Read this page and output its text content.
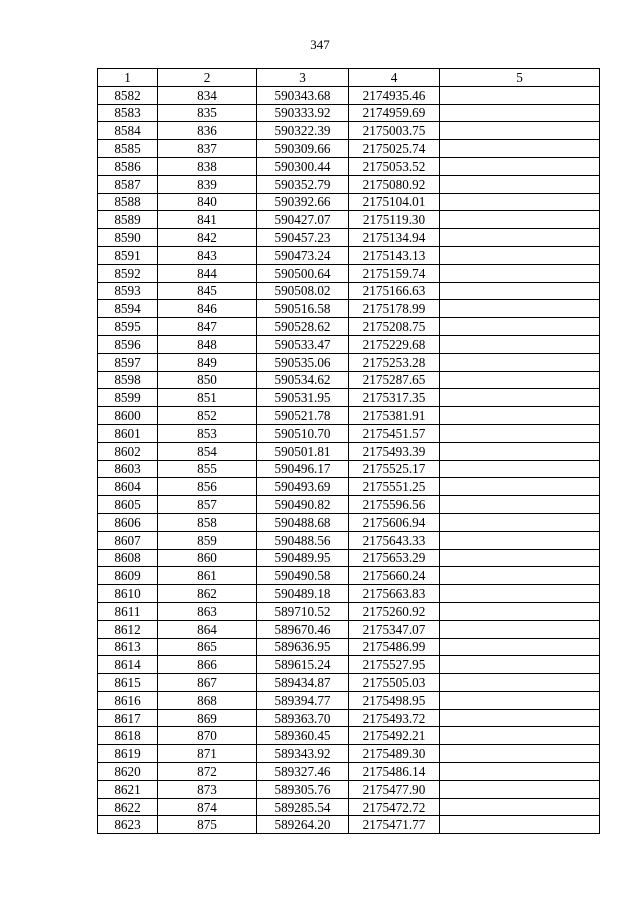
347
1	2	3	4	5
8582	834	590343.68	2174935.46	
8583	835	590333.92	2174959.69	
8584	836	590322.39	2175003.75	
8585	837	590309.66	2175025.74	
8586	838	590300.44	2175053.52	
8587	839	590352.79	2175080.92	
8588	840	590392.66	2175104.01	
8589	841	590427.07	2175119.30	
8590	842	590457.23	2175134.94	
8591	843	590473.24	2175143.13	
8592	844	590500.64	2175159.74	
8593	845	590508.02	2175166.63	
8594	846	590516.58	2175178.99	
8595	847	590528.62	2175208.75	
8596	848	590533.47	2175229.68	
8597	849	590535.06	2175253.28	
8598	850	590534.62	2175287.65	
8599	851	590531.95	2175317.35	
8600	852	590521.78	2175381.91	
8601	853	590510.70	2175451.57	
8602	854	590501.81	2175493.39	
8603	855	590496.17	2175525.17	
8604	856	590493.69	2175551.25	
8605	857	590490.82	2175596.56	
8606	858	590488.68	2175606.94	
8607	859	590488.56	2175643.33	
8608	860	590489.95	2175653.29	
8609	861	590490.58	2175660.24	
8610	862	590489.18	2175663.83	
8611	863	589710.52	2175260.92	
8612	864	589670.46	2175347.07	
8613	865	589636.95	2175486.99	
8614	866	589615.24	2175527.95	
8615	867	589434.87	2175505.03	
8616	868	589394.77	2175498.95	
8617	869	589363.70	2175493.72	
8618	870	589360.45	2175492.21	
8619	871	589343.92	2175489.30	
8620	872	589327.46	2175486.14	
8621	873	589305.76	2175477.90	
8622	874	589285.54	2175472.72	
8623	875	589264.20	2175471.77	
